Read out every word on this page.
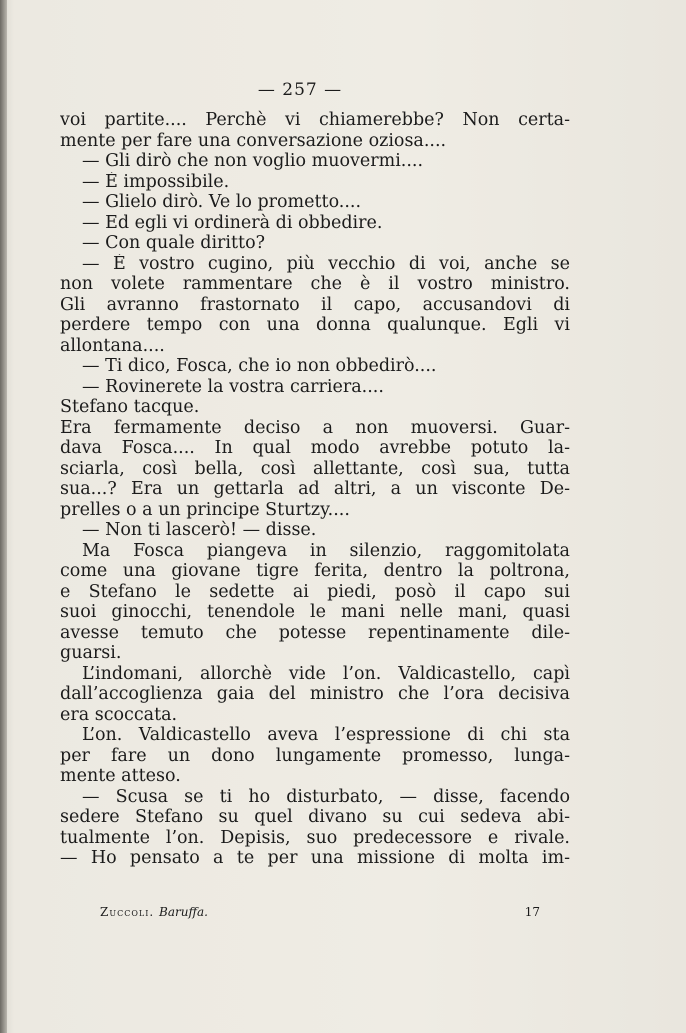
— 257 —
voi partite.... Perchè vi chiamerebbe? Non certa-
mente per fare una conversazione oziosa....
— Gli dirò che non voglio muovermi....
— È impossibile.
— Glielo dirò. Ve lo prometto....
— Ed egli vi ordinerà di obbedire.
— Con quale diritto?
— È vostro cugino, più vecchio di voi, anche se
non volete rammentare che è il vostro ministro.
Gli avranno frastornato il capo, accusandovi di
perdere tempo con una donna qualunque. Egli vi
allontana....
— Ti dico, Fosca, che io non obbedirò....
— Rovinerete la vostra carriera....
Stefano tacque.
Era fermamente deciso a non muoversi. Guar-
dava Fosca.... In qual modo avrebbe potuto la-
sciarla, così bella, così allettante, così sua, tutta
sua...? Era un gettarla ad altri, a un visconte De-
prelles o a un principe Sturtzy....
— Non ti lascerò! — disse.
Ma Fosca piangeva in silenzio, raggomitolata
come una giovane tigre ferita, dentro la poltrona,
e Stefano le sedette ai piedi, posò il capo sui
suoi ginocchi, tenendole le mani nelle mani, quasi
avesse temuto che potesse repentinamente dile-
guarsi.
L’indomani, allorchè vide l’on. Valdicastello, capì
dall’accoglienza gaia del ministro che l’ora decisiva
era scoccata.
L’on. Valdicastello aveva l’espressione di chi sta
per fare un dono lungamente promesso, lunga-
mente atteso.
— Scusa se ti ho disturbato, — disse, facendo
sedere Stefano su quel divano su cui sedeva abi-
tualmente l’on. Depisis, suo predecessore e rivale.
— Ho pensato a te per una missione di molta im-
Zuccoli. Baruffa.	17
